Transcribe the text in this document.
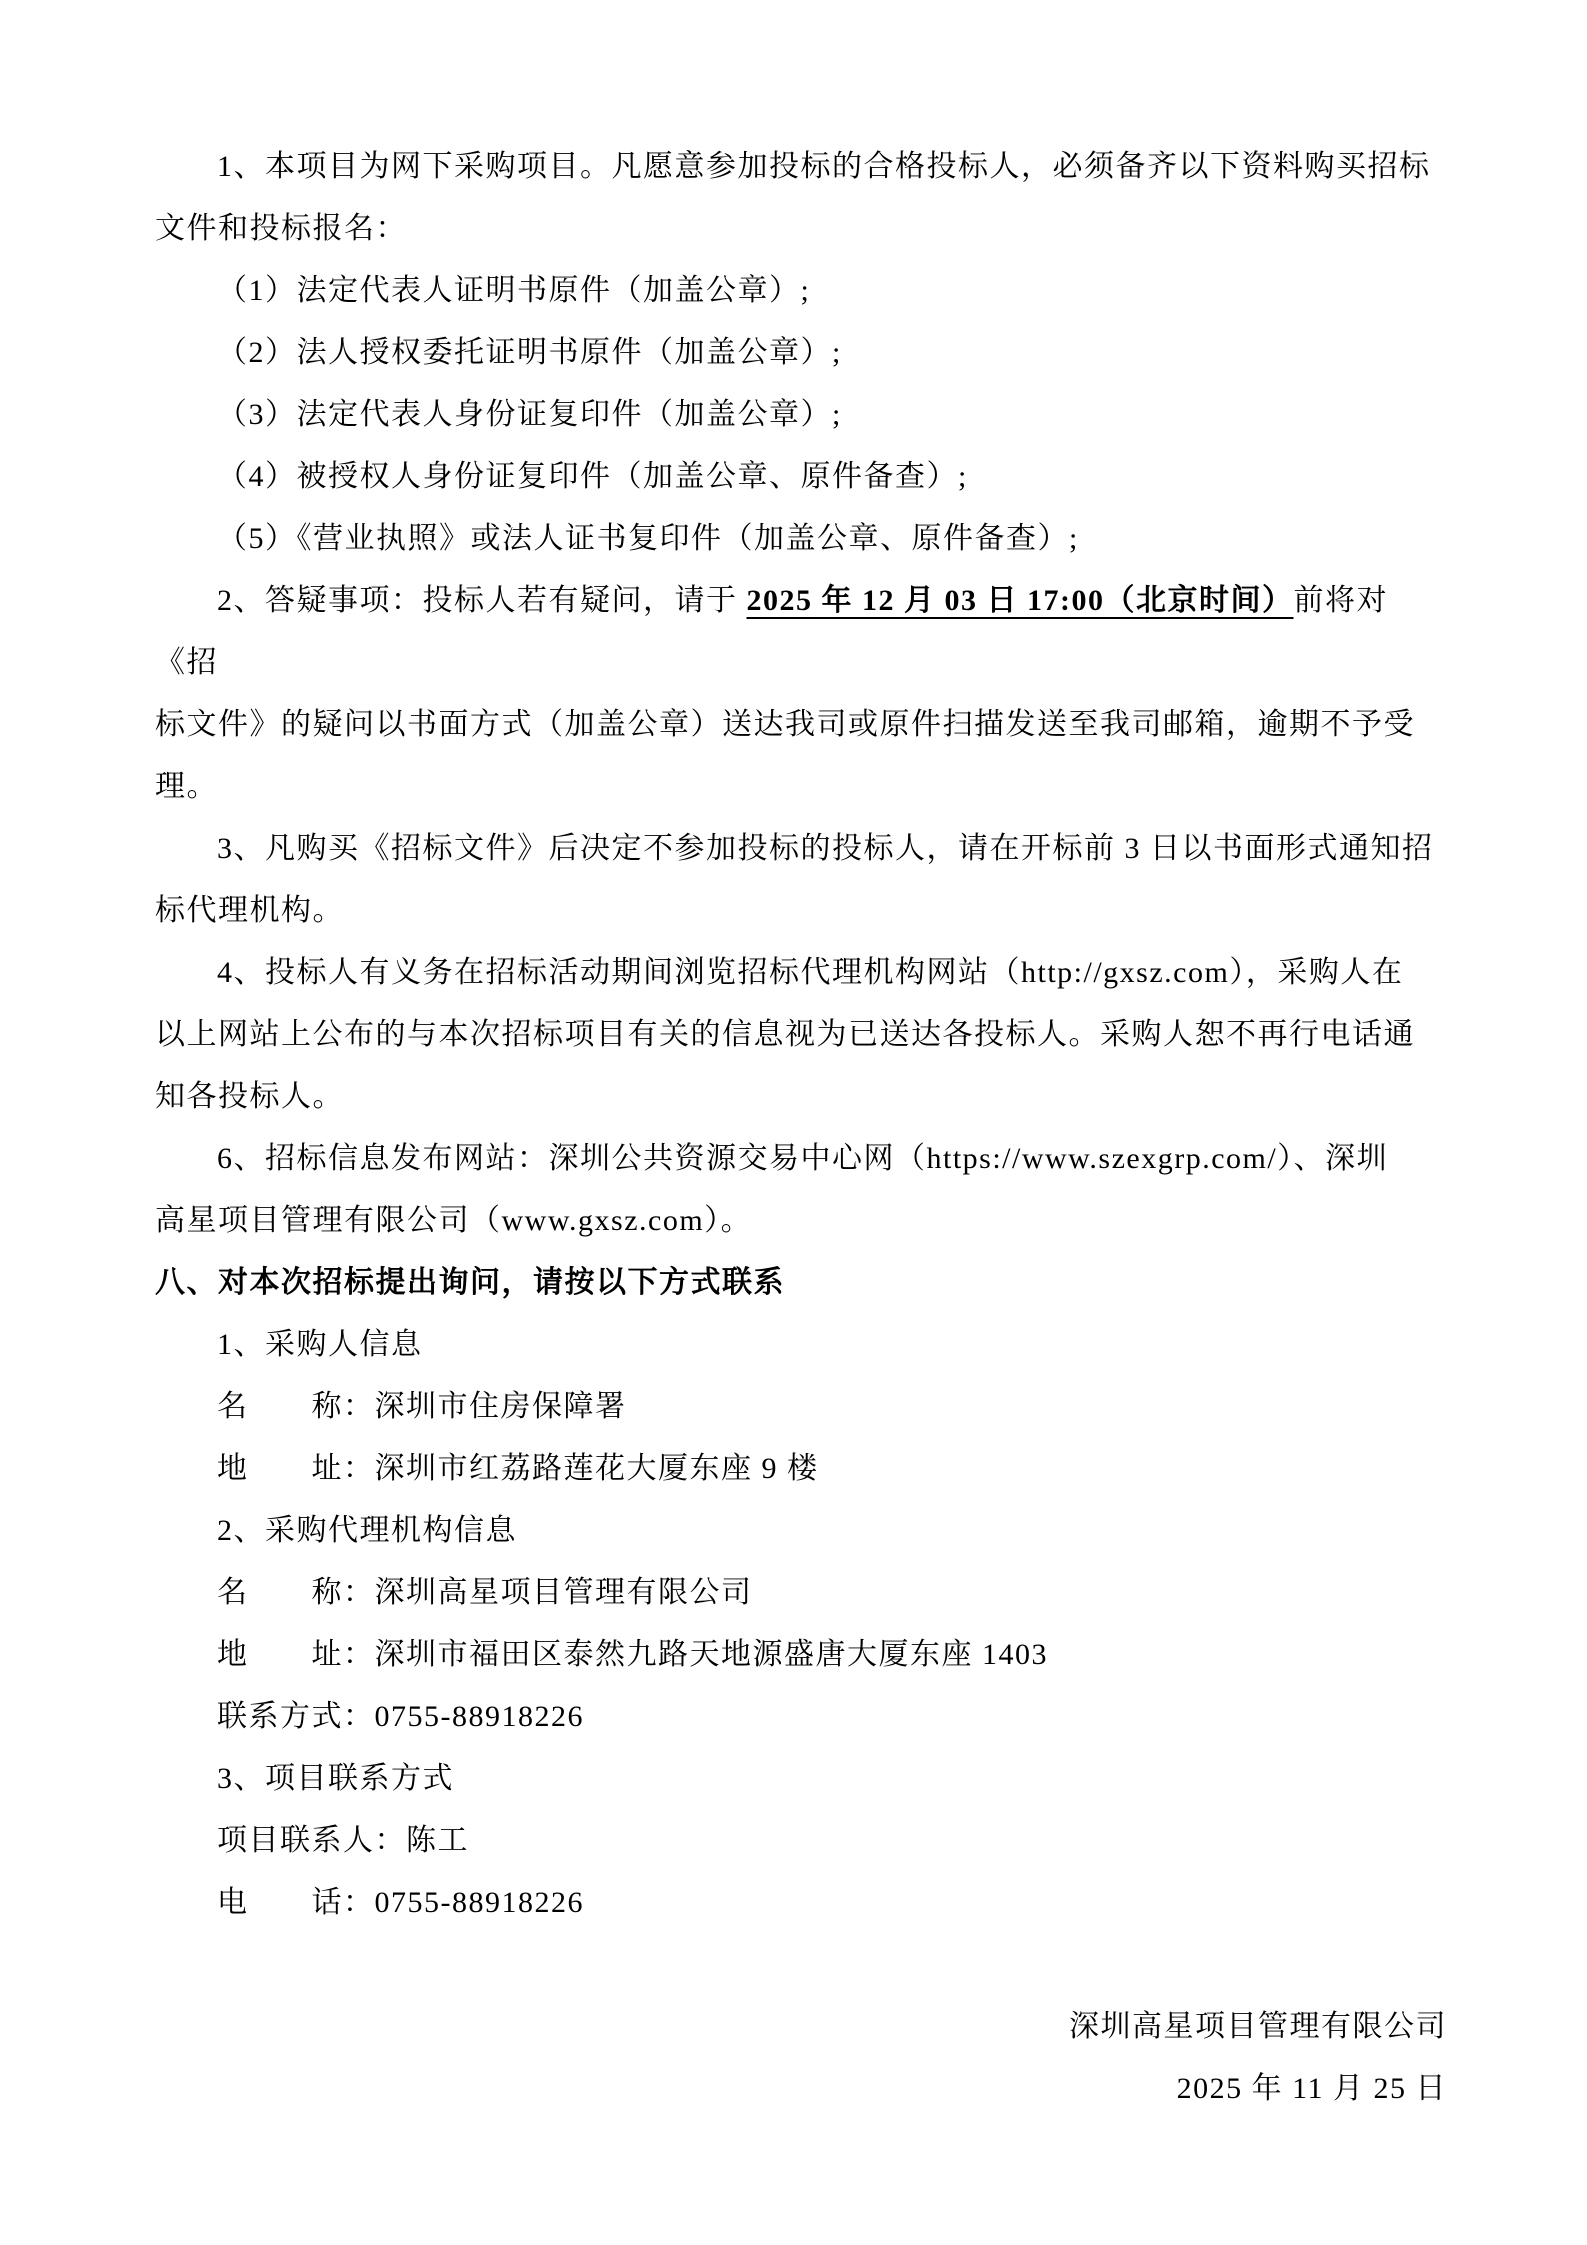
1、本项目为网下采购项目。凡愿意参加投标的合格投标人，必须备齐以下资料购买招标
文件和投标报名：
（1）法定代表人证明书原件（加盖公章）;
（2）法人授权委托证明书原件（加盖公章）;
（3）法定代表人身份证复印件（加盖公章）;
（4）被授权人身份证复印件（加盖公章、原件备查）;
（5）《营业执照》或法人证书复印件（加盖公章、原件备查）;
2、答疑事项：投标人若有疑问，请于 2025 年 12 月 03 日 17:00（北京时间）前将对《招
标文件》的疑问以书面方式（加盖公章）送达我司或原件扫描发送至我司邮箱，逾期不予受
理。
3、凡购买《招标文件》后决定不参加投标的投标人，请在开标前 3 日以书面形式通知招
标代理机构。
4、投标人有义务在招标活动期间浏览招标代理机构网站（http://gxsz.com），采购人在
以上网站上公布的与本次招标项目有关的信息视为已送达各投标人。采购人恕不再行电话通
知各投标人。
6、招标信息发布网站：深圳公共资源交易中心网（https://www.szexgrp.com/）、深圳
高星项目管理有限公司（www.gxsz.com）。
八、对本次招标提出询问，请按以下方式联系
1、采购人信息
名　　称：深圳市住房保障署
地　　址：深圳市红荔路莲花大厦东座 9 楼
2、采购代理机构信息
名　　称：深圳高星项目管理有限公司
地　　址：深圳市福田区泰然九路天地源盛唐大厦东座 1403
联系方式：0755-88918226
3、项目联系方式
项目联系人：陈工
电　　话：0755-88918226
深圳高星项目管理有限公司
2025 年 11 月 25 日
